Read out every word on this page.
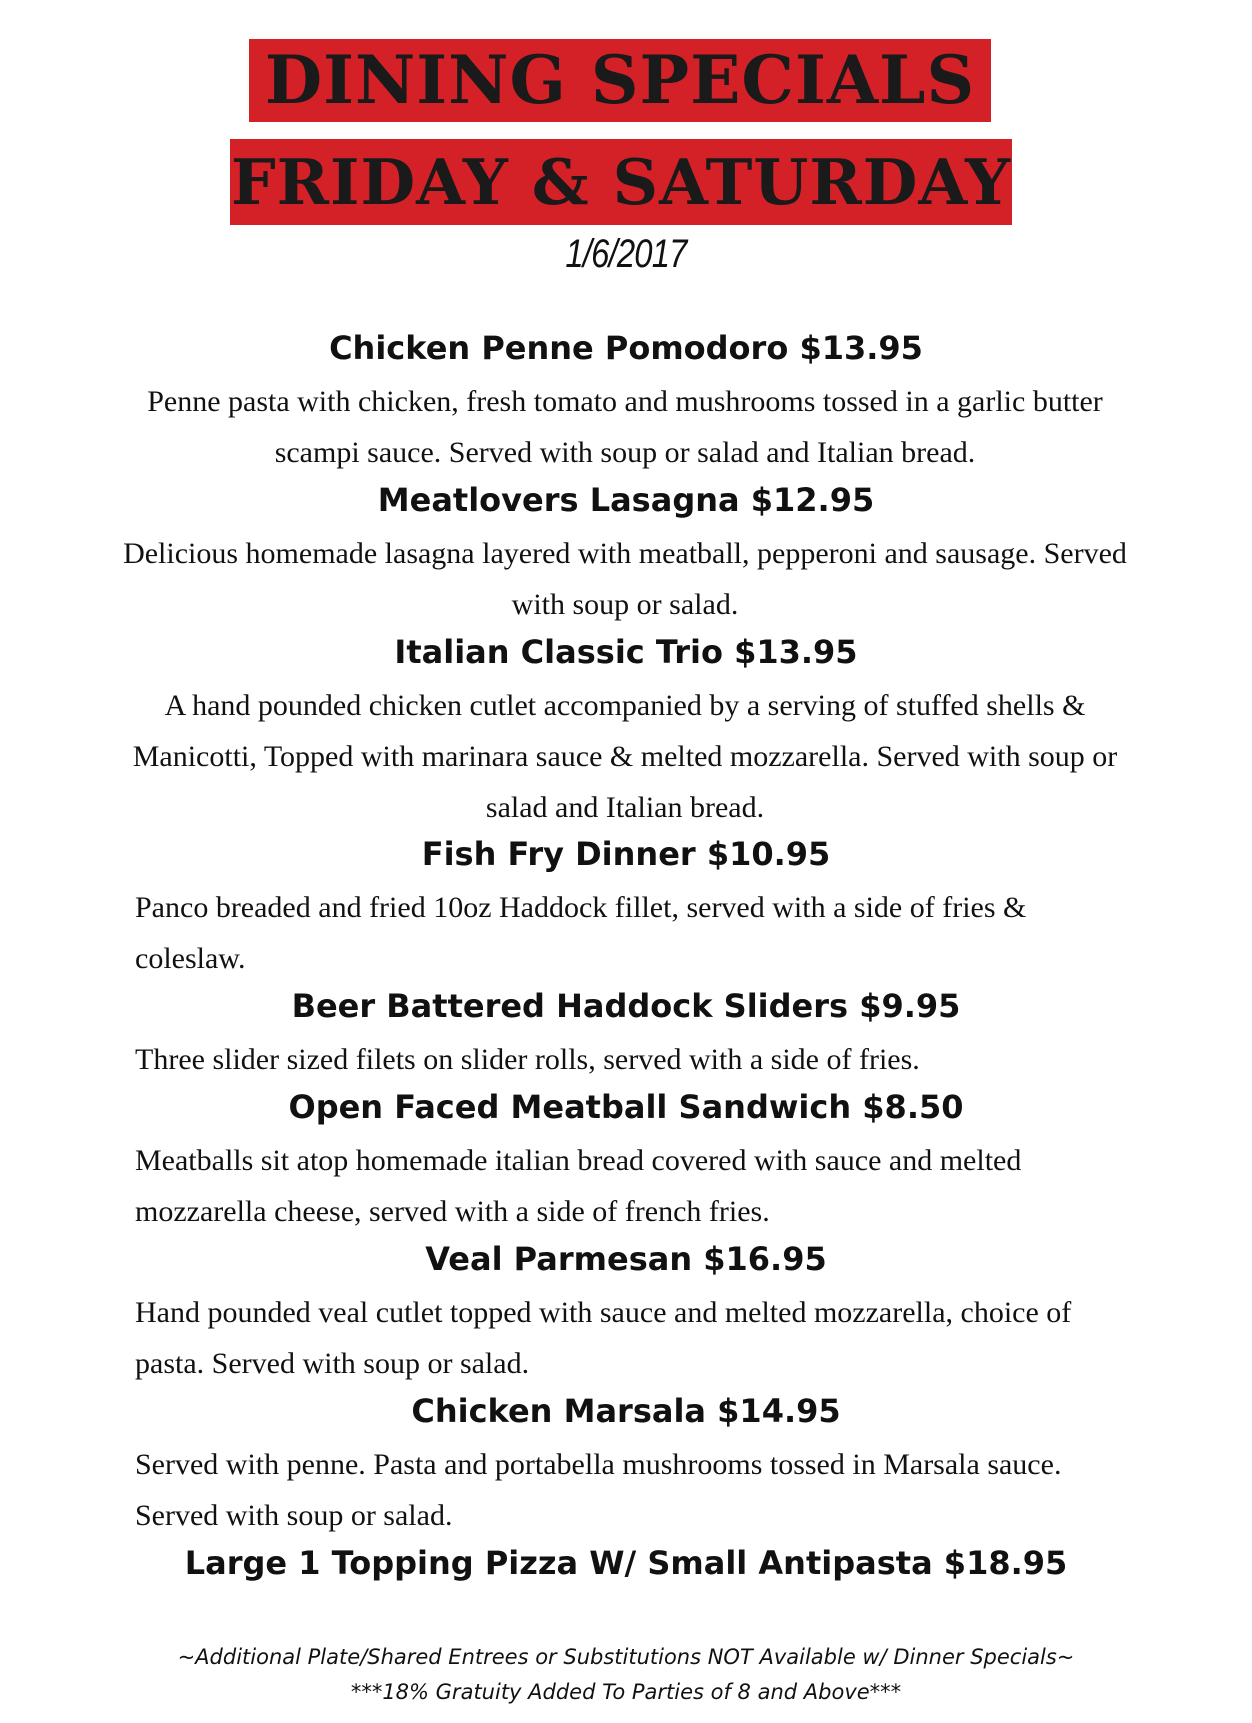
DINING SPECIALS
FRIDAY & SATURDAY
1/6/2017
Chicken Penne Pomodoro $13.95
Penne pasta with chicken, fresh tomato and mushrooms tossed in a garlic butter scampi sauce. Served with soup or salad and Italian bread.
Meatlovers Lasagna $12.95
Delicious homemade lasagna layered with meatball, pepperoni and sausage. Served with soup or salad.
Italian Classic Trio $13.95
A hand pounded chicken cutlet accompanied by a serving of stuffed shells & Manicotti, Topped with marinara sauce & melted mozzarella. Served with soup or salad and Italian bread.
Fish Fry Dinner $10.95
Panco breaded and fried 10oz Haddock fillet, served with a side of fries & coleslaw.
Beer Battered Haddock Sliders $9.95
Three slider sized filets on slider rolls, served with a side of fries.
Open Faced Meatball Sandwich $8.50
Meatballs sit atop homemade italian bread covered with sauce and melted mozzarella cheese, served with a side of french fries.
Veal Parmesan $16.95
Hand pounded veal cutlet topped with sauce and melted mozzarella, choice of pasta. Served with soup or salad.
Chicken Marsala $14.95
Served with penne. Pasta and portabella mushrooms tossed in Marsala sauce. Served with soup or salad.
Large 1 Topping Pizza W/ Small Antipasta $18.95
~Additional Plate/Shared Entrees or Substitutions NOT Available w/ Dinner Specials~
***18% Gratuity Added To Parties of 8 and Above***
